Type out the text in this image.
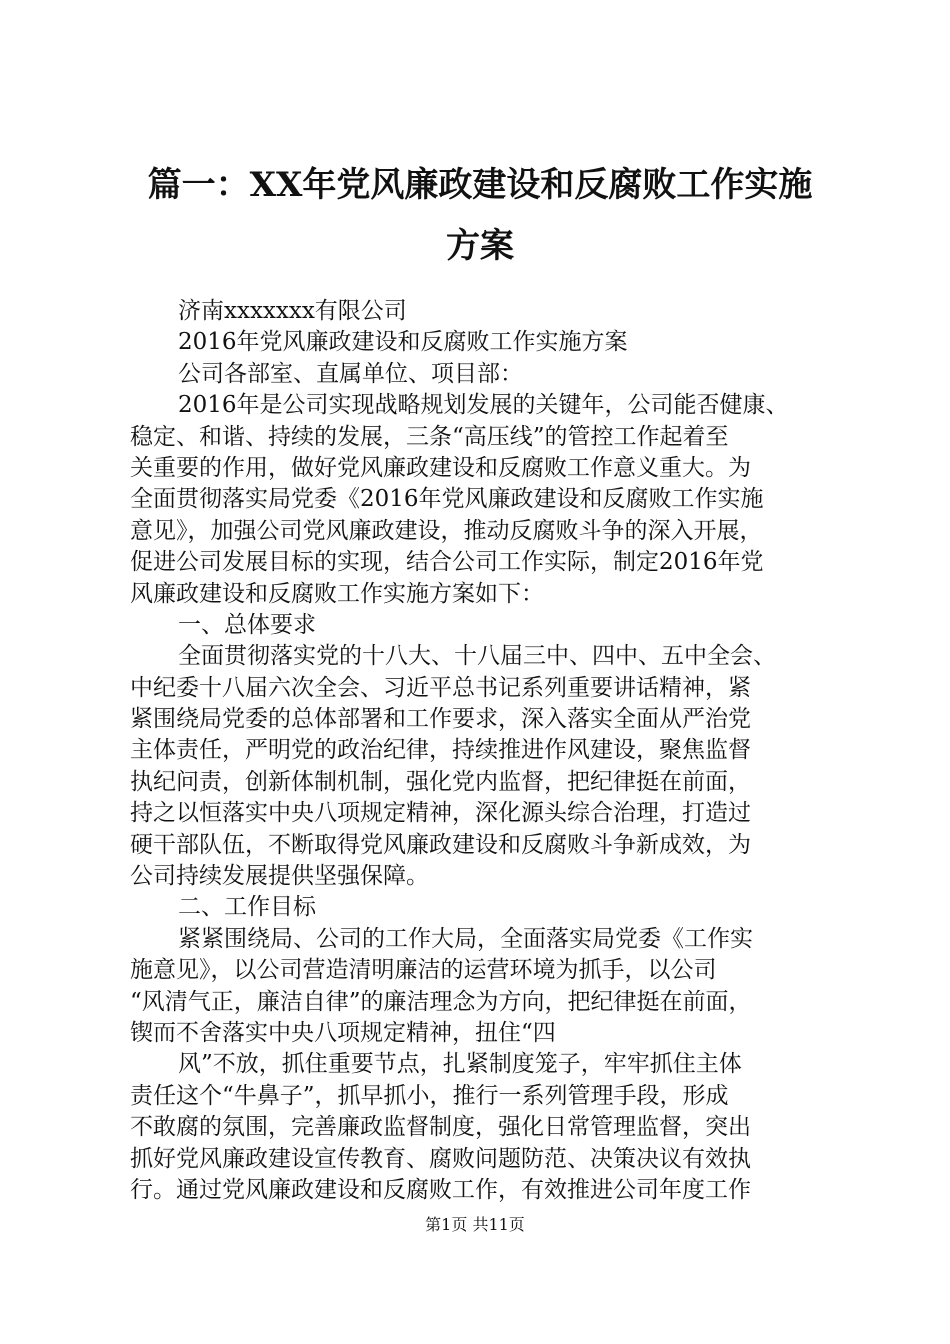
篇一：XX年党风廉政建设和反腐败工作实施
方案
济南xxxxxxx有限公司
2016年党风廉政建设和反腐败工作实施方案
公司各部室、直属单位、项目部：
2016年是公司实现战略规划发展的关键年，公司能否健康、
稳定、和谐、持续的发展，三条“高压线”的管控工作起着至
关重要的作用，做好党风廉政建设和反腐败工作意义重大。为
全面贯彻落实局党委《2016年党风廉政建设和反腐败工作实施
意见》，加强公司党风廉政建设，推动反腐败斗争的深入开展，
促进公司发展目标的实现，结合公司工作实际，制定2016年党
风廉政建设和反腐败工作实施方案如下：
一、总体要求
全面贯彻落实党的十八大、十八届三中、四中、五中全会、
中纪委十八届六次全会、习近平总书记系列重要讲话精神，紧
紧围绕局党委的总体部署和工作要求，深入落实全面从严治党
主体责任，严明党的政治纪律，持续推进作风建设，聚焦监督
执纪问责，创新体制机制，强化党内监督，把纪律挺在前面，
持之以恒落实中央八项规定精神，深化源头综合治理，打造过
硬干部队伍，不断取得党风廉政建设和反腐败斗争新成效，为
公司持续发展提供坚强保障。
二、工作目标
紧紧围绕局、公司的工作大局，全面落实局党委《工作实
施意见》，以公司营造清明廉洁的运营环境为抓手，以公司
“风清气正，廉洁自律”的廉洁理念为方向，把纪律挺在前面，
锲而不舍落实中央八项规定精神，扭住“四
风”不放，抓住重要节点，扎紧制度笼子，牢牢抓住主体
责任这个“牛鼻子”，抓早抓小，推行一系列管理手段，形成
不敢腐的氛围，完善廉政监督制度，强化日常管理监督，突出
抓好党风廉政建设宣传教育、腐败问题防范、决策决议有效执
行。通过党风廉政建设和反腐败工作，有效推进公司年度工作
第1页 共11页
